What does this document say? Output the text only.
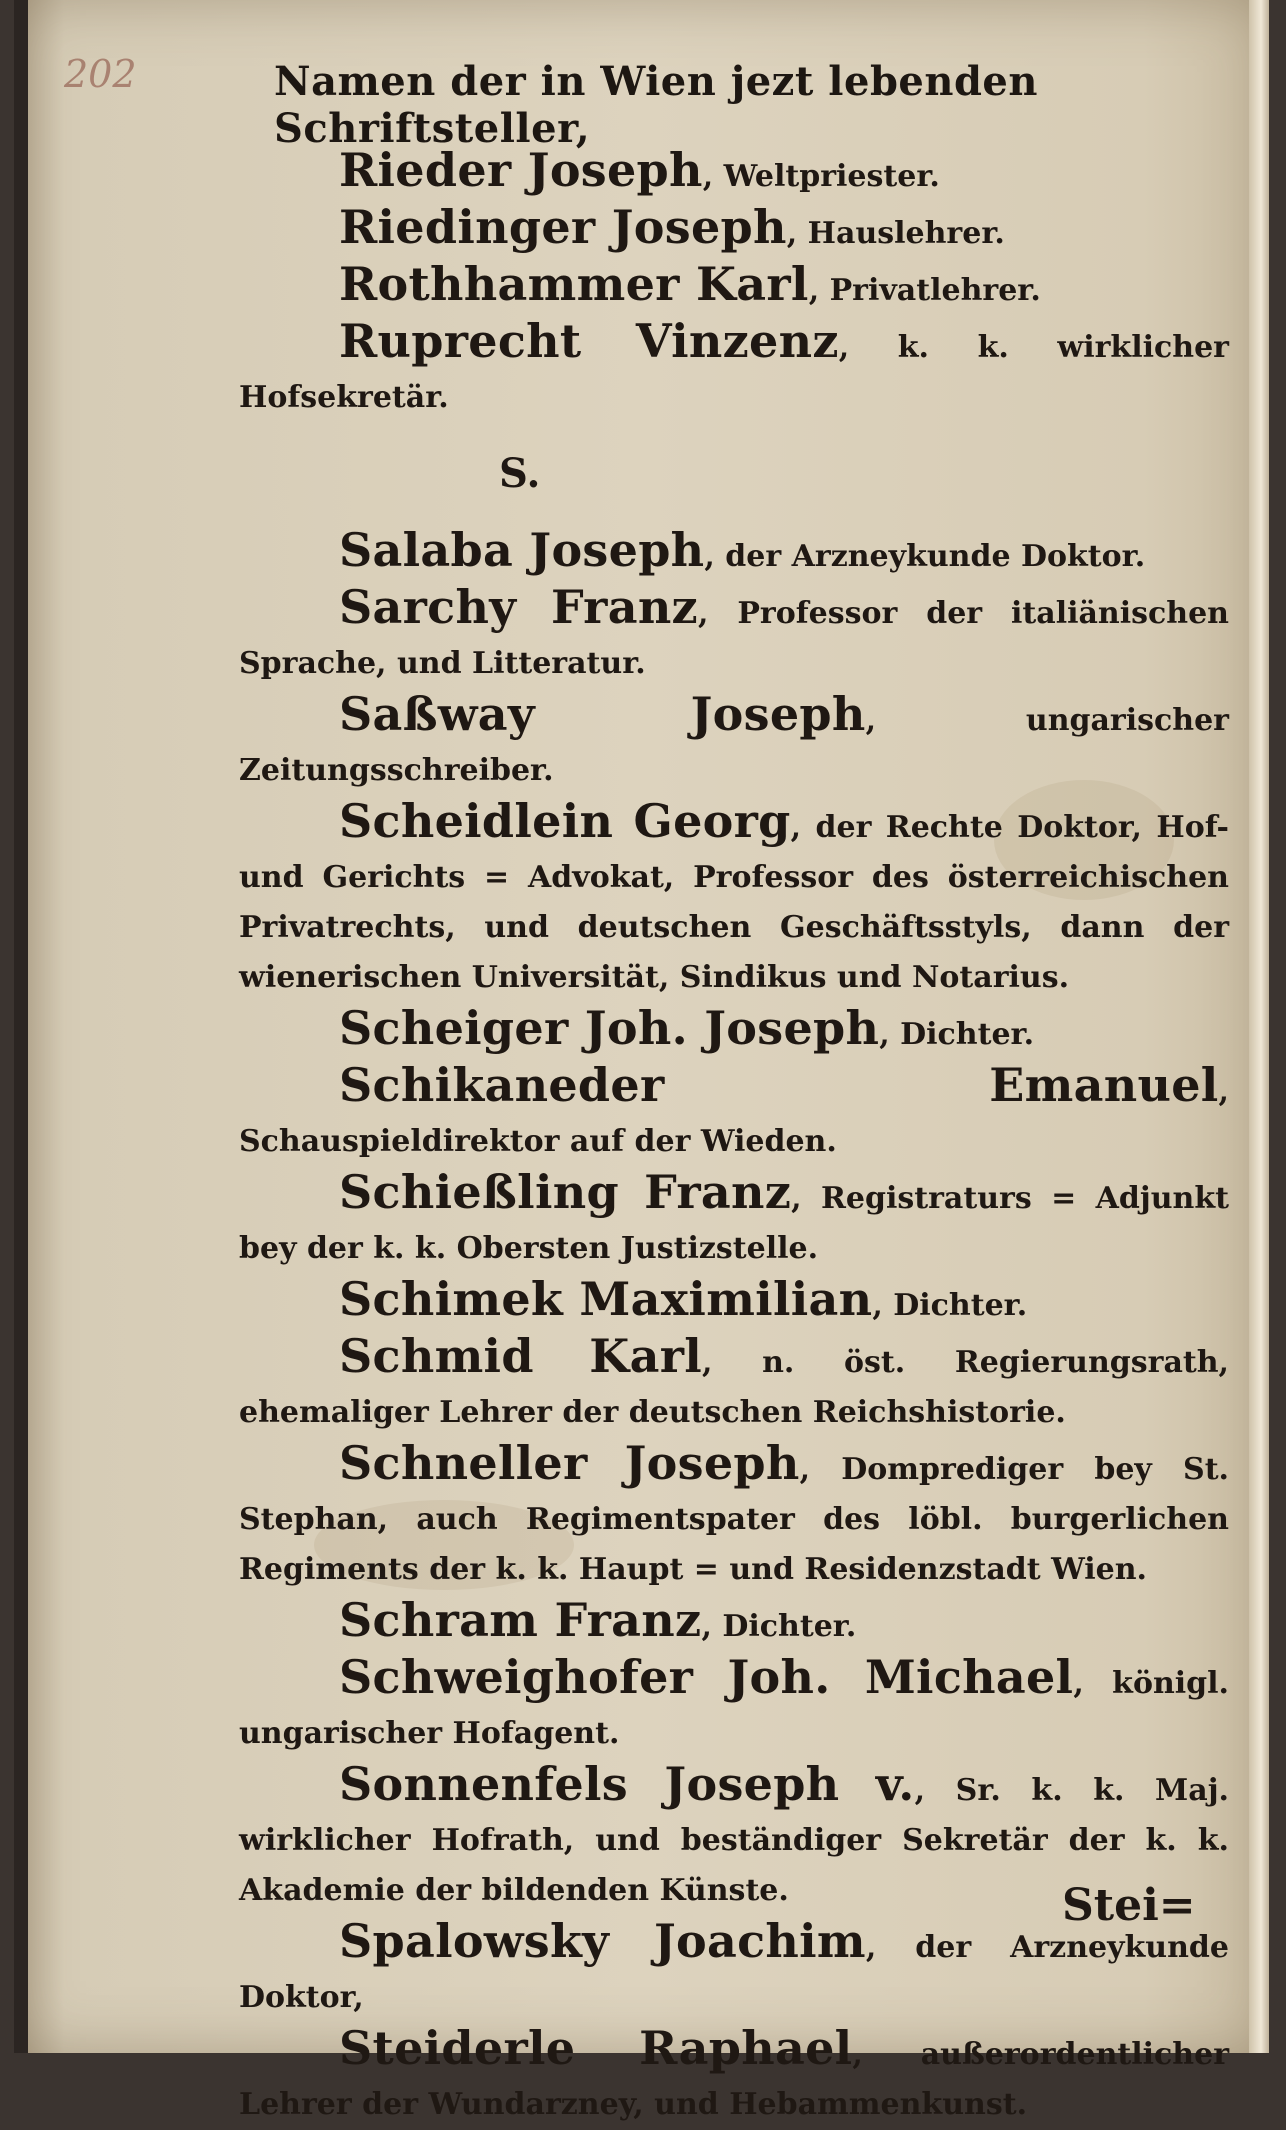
202	Namen der in Wien jezt lebenden Schriftsteller,

Rieder Joseph, Weltpriester.

Riedinger Joseph, Hauslehrer.

Rothhammer Karl, Privatlehrer.

Ruprecht Vinzenz, k. k. wirklicher Hofsekretär.

S.

Salaba Joseph, der Arzneykunde Doktor.

Sarchy Franz, Professor der italiänischen Sprache, und Litteratur.

Saßway Joseph, ungarischer Zeitungsschreiber.

Scheidlein Georg, der Rechte Doktor, Hof- und Gerichts = Advokat, Professor des österreichischen Privatrechts, und deutschen Geschäftsstyls, dann der wienerischen Universität, Sindikus und Notarius.

Scheiger Joh. Joseph, Dichter.

Schikaneder Emanuel, Schauspieldirektor auf der Wieden.

Schießling Franz, Registraturs = Adjunkt bey der k. k. Obersten Justizstelle.

Schimek Maximilian, Dichter.

Schmid Karl, n. öst. Regierungsrath, ehemaliger Lehrer der deutschen Reichshistorie.

Schneller Joseph, Domprediger bey St. Stephan, auch Regimentspater des löbl. burgerlichen Regiments der k. k. Haupt = und Residenzstadt Wien.

Schram Franz, Dichter.

Schweighofer Joh. Michael, königl. ungarischer Hofagent.

Sonnenfels Joseph v., Sr. k. k. Maj. wirklicher Hofrath, und beständiger Sekretär der k. k. Akademie der bildenden Künste.

Spalowsky Joachim, der Arzneykunde Doktor,

Steiderle Raphael, außerordentlicher Lehrer der Wundarzney, und Hebammenkunst.

Stei=
